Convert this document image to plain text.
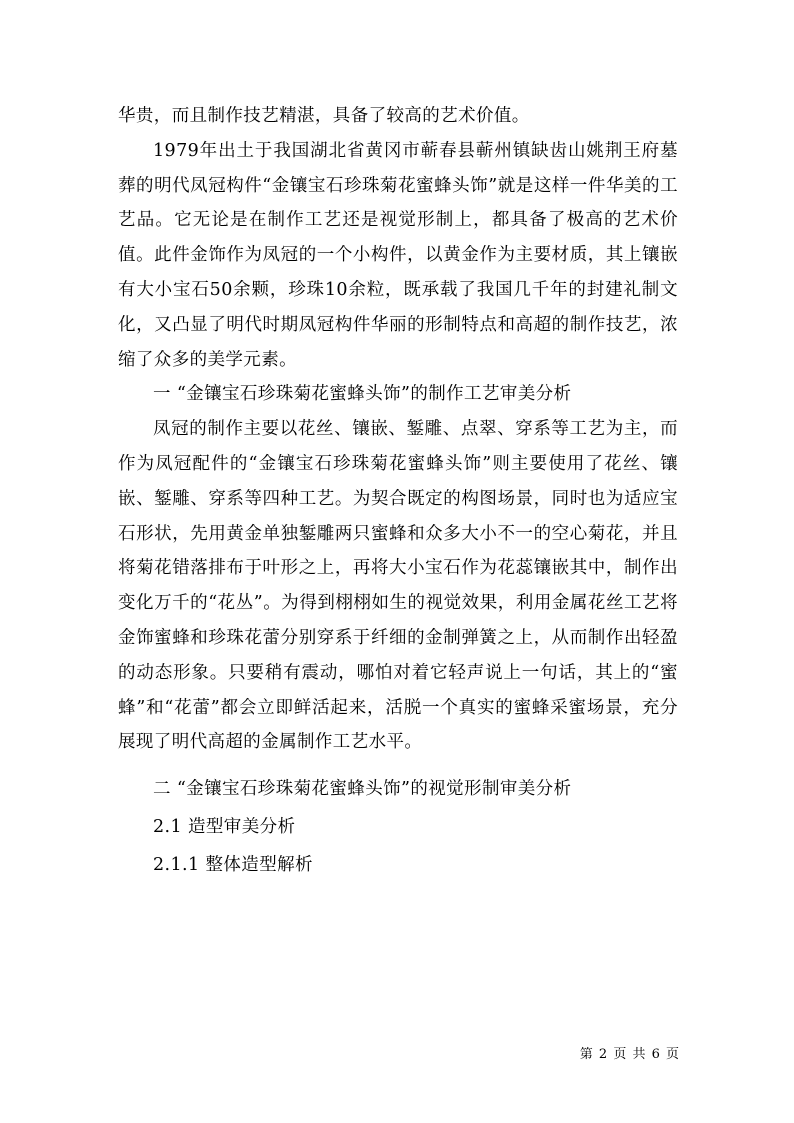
华贵，而且制作技艺精湛，具备了较高的艺术价值。

1979年出土于我国湖北省黄冈市蕲春县蕲州镇缺齿山姚荆王府墓葬的明代凤冠构件“金镶宝石珍珠菊花蜜蜂头饰”就是这样一件华美的工艺品。它无论是在制作工艺还是视觉形制上，都具备了极高的艺术价值。此件金饰作为凤冠的一个小构件，以黄金作为主要材质，其上镶嵌有大小宝石50余颗，珍珠10余粒，既承载了我国几千年的封建礼制文化，又凸显了明代时期凤冠构件华丽的形制特点和高超的制作技艺，浓缩了众多的美学元素。

一 “金镶宝石珍珠菊花蜜蜂头饰”的制作工艺审美分析

凤冠的制作主要以花丝、镶嵌、錾雕、点翠、穿系等工艺为主，而作为凤冠配件的“金镶宝石珍珠菊花蜜蜂头饰”则主要使用了花丝、镶嵌、錾雕、穿系等四种工艺。为契合既定的构图场景，同时也为适应宝石形状，先用黄金单独錾雕两只蜜蜂和众多大小不一的空心菊花，并且将菊花错落排布于叶形之上，再将大小宝石作为花蕊镶嵌其中，制作出变化万千的“花丛”。为得到栩栩如生的视觉效果，利用金属花丝工艺将金饰蜜蜂和珍珠花蕾分别穿系于纤细的金制弹簧之上，从而制作出轻盈的动态形象。只要稍有震动，哪怕对着它轻声说上一句话，其上的“蜜蜂”和“花蕾”都会立即鲜活起来，活脱一个真实的蜜蜂采蜜场景，充分展现了明代高超的金属制作工艺水平。

二 “金镶宝石珍珠菊花蜜蜂头饰”的视觉形制审美分析

2.1 造型审美分析

2.1.1 整体造型解析

第 2 页 共 6 页
